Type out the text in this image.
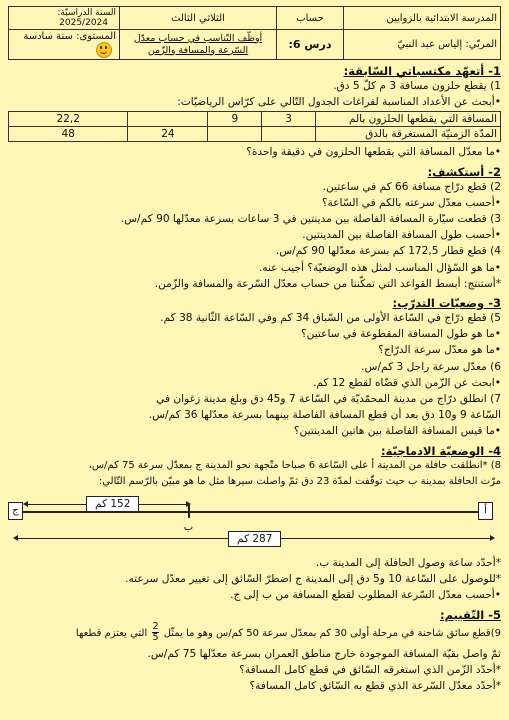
المدرسة الابتدائية بالزوايين	حساب	الثلاثي الثالث	السنة الدراسيّة: 2025/2024
المربّي: إلياس عبد النبيّ	درس 6:	أوظّف التّناسب في حساب معدّل
السّرعة والمسافة والزّمن	المستوى: سنة سادسة
1- أتعهّد مكتسباتي السّابقة:
1) يقطع حلزون مسافة 3 م كلّ 5 دق.
•أبحث عن الأعداد المناسبة لفراغات الجدول التّالي على كرّاس الرياضيّات:
المسافة التي يقطعها الحلزون بالم	3	9		22,2
المدّة الزمنيّة المستغرقة بالدق			24	48
•ما معدّل المسافة التي يقطعها الحلزون في دقيقة واحدة؟
2- أستكشف:
2) قطع درّاج مسافة 66 كم في ساعتين.
•أحسب معدّل سرعته بالكم في السّاعة؟
3) قطعت سيّارة المسافة الفاصلة بين مدينتين في 3 ساعات بسرعة معدّلها 90 كم/س.
•أحسب طول المسافة الفاصلة بين المدينتين.
4) قطع قطار 172,5 كم بسرعة معدّلها 90 كم/س.
•ما هو السّؤال المناسب لمثل هذه الوضعيّة؟ أجيب عنه.
*أستنتج: أبسط القواعد التي تمكّننا من حساب معدّل السّرعة والمسافة والزّمن.
3- وضعيّات التدرّب:
5) قطع درّاج في السّاعة الأولى من السّباق 34 كم وفي السّاعة الثّانية 38 كم.
•ما هو طول المسافة المقطوعة في ساعتين؟
•ما هو معدّل سرعة الدرّاج؟
6) معدّل سرعة راجل 3 كم/س.
•ابحث عن الزّمن الذي قضّاه لقطع 12 كم.
7) انطلق درّاج من مدينة المحمّديّة في السّاعة 7 و45 دق وبلغ مدينة زغوان في
السّاعة 9 و10 دق بعد أن قطع المسافة الفاصلة بينهما بسرعة معدّلها 36 كم/س.
•ما قيس المسافة الفاصلة بين هاتين المدينتين؟
4- الوضعيّة الادماجيّة:
8) *انطلقت حافلة من المدينة أ على السّاعة 6 صباحا متّجهة نحو المدينة ج بمعدّل سرعة 75 كم/س،
مرّت الحافلة بمدينة ب حيث توقّفت لمدّة 23 دق ثمّ واصلت سيرها مثل ما هو مبيّن بالرّسم التّالي:
ج	أ
152 كم
ب
287 كم
*أحدّد ساعة وصول الحافلة إلى المدينة ب.
*للوصول على السّاعة 10 و5 دق إلى المدينة ج اضطرّ السّائق إلى تغيير معدّل سرعته.
•أحسب معدّل السّرعة المطلوب لقطع المسافة من ب إلى ج.
5- التّقييم:
9)قطع سائق شاحنة في مرحلة أولى 30 كم بمعدّل سرعة 50 كم/س وهو ما يمثّل
$\frac{2}{5}$
التي يعتزم قطعها
ثمّ واصل بقيّة المسافة الموجودة خارج مناطق العمران بسرعة معدّلها 75 كم/س.
*أحدّد الزّمن الذي استغرقه السّائق في قطع كامل المسافة؟
*أحدّد معدّل السّرعة الذي قطع به السّائق كامل المسافة؟
